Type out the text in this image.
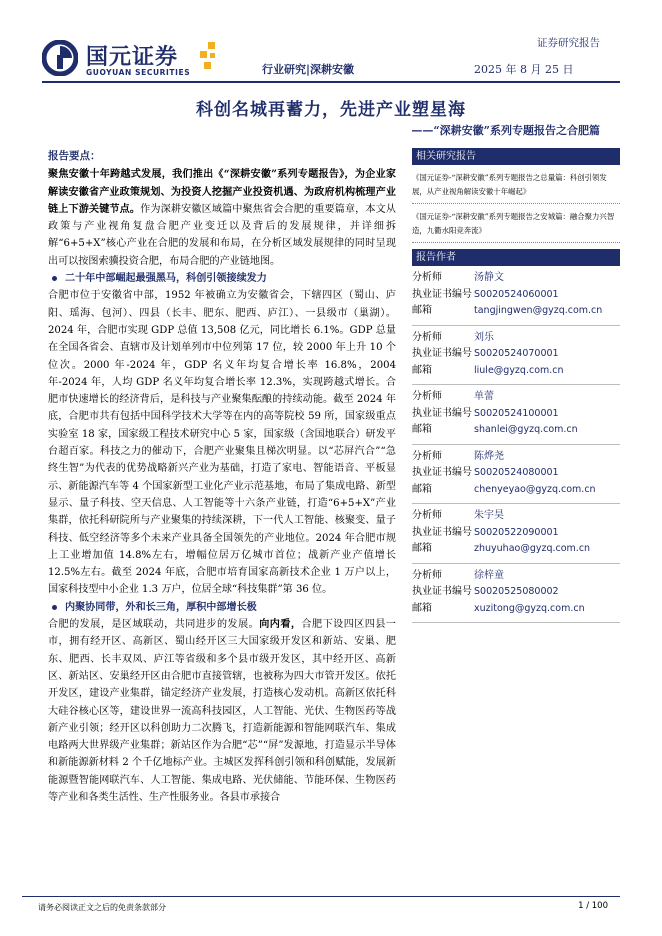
国元证券
GUOYUAN SECURITIES
证券研究报告
行业研究|深耕安徽	2025 年 8 月 25 日
科创名城再蓄力，先进产业塑星海
——“深耕安徽”系列专题报告之合肥篇
报告要点：

聚焦安徽十年跨越式发展，我们推出《“深耕安徽”系列专题报告》，为企业家解读安徽省产业政策规划、为投资人挖掘产业投资机遇、为政府机构梳理产业链上下游关键节点。作为深耕安徽区域篇中聚焦省会合肥的重要篇章，本文从政策与产业视角复盘合肥产业变迁以及背后的发展规律，并详细拆解“6+5+X”核心产业在合肥的发展和布局，在分析区域发展规律的同时呈现出可以按图索骥投资合肥，布局合肥的产业链地图。

二十年中部崛起最强黑马，科创引领接续发力

合肥市位于安徽省中部，1952 年被确立为安徽省会，下辖四区（蜀山、庐阳、瑶海、包河）、四县（长丰、肥东、肥西、庐江）、一县级市（巢湖）。2024 年，合肥市实现 GDP 总值 13,508 亿元，同比增长 6.1%。GDP 总量在全国各省会、直辖市及计划单列市中位列第 17 位，较 2000 年上升 10 个位次。2000 年-2024 年，GDP 名义年均复合增长率 16.8%，2004 年-2024 年，人均 GDP 名义年均复合增长率 12.3%，实现跨越式增长。合肥市快速增长的经济背后，是科技与产业聚集酝酿的持续动能。截至 2024 年底，合肥市共有包括中国科学技术大学等在内的高等院校 59 所，国家级重点实验室 18 家，国家级工程技术研究中心 5 家，国家级（含国地联合）研发平台超百家。科技之力的催动下，合肥产业聚集且梯次明显。以“芯屏汽合”“急终生智”为代表的优势战略新兴产业为基础，打造了家电、智能语音、平板显示、新能源汽车等 4 个国家新型工业化产业示范基地，布局了集成电路、新型显示、量子科技、空天信息、人工智能等十六条产业链，打造“6+5+X”产业集群，依托科研院所与产业聚集的持续深耕，下一代人工智能、核聚变、量子科技、低空经济等多个未来产业具备全国领先的产业地位。2024 年合肥市规上工业增加值 14.8%左右，增幅位居万亿城市首位；战新产业产值增长 12.5%左右。截至 2024 年底，合肥市培育国家高新技术企业 1 万户以上，国家科技型中小企业 1.3 万户，位居全球“科技集群”第 36 位。

内聚协同带，外和长三角，厚积中部增长极

合肥的发展，是区域联动，共同进步的发展。向内看，合肥下设四区四县一市，拥有经开区、高新区、蜀山经开区三大国家级开发区和新站、安巢、肥东、肥西、长丰双凤、庐江等省级和多个县市级开发区，其中经开区、高新区、新站区、安巢经开区由合肥市直接管辖，也被称为四大市管开发区。依托开发区，建设产业集群，锚定经济产业发展，打造核心发动机。高新区依托科大硅谷核心区等，建设世界一流高科技园区，人工智能、光伏、生物医药等战新产业引领；经开区以科创助力二次腾飞，打造新能源和智能网联汽车、集成电路两大世界级产业集群；新站区作为合肥“芯”“屏”发源地，打造显示半导体和新能源新材料 2 个千亿地标产业。主城区发挥科创引领和科创赋能，发展新能源暨智能网联汽车、人工智能、集成电路、光伏储能、节能环保、生物医药等产业和各类生活性、生产性服务业。各县市承接合

相关研究报告

《国元证券-“深耕安徽”系列专题报告之总量篇：科创引领发展，从产业视角解读安徽十年崛起》

《国元证券-“深耕安徽”系列专题报告之安城篇：融合聚力兴智造，九衢水阳竞奔流》

报告作者
分析师	汤静文
执业证书编号 S0020524060001
邮箱	tangjingwen@gyzq.com.cn
分析师	刘乐
执业证书编号 S0020524070001
邮箱	liule@gyzq.com.cn
分析师	单蕾
执业证书编号 S0020524100001
邮箱	shanlei@gyzq.com.cn
分析师	陈烨尧
执业证书编号 S0020524080001
邮箱	chenyeyao@gyzq.com.cn
分析师	朱宇昊
执业证书编号 S0020522090001
邮箱	zhuyuhao@gyzq.com.cn
分析师	徐梓童
执业证书编号 S0020525080002
邮箱	xuzitong@gyzq.com.cn
请务必阅读正文之后的免责条款部分	1 / 100
